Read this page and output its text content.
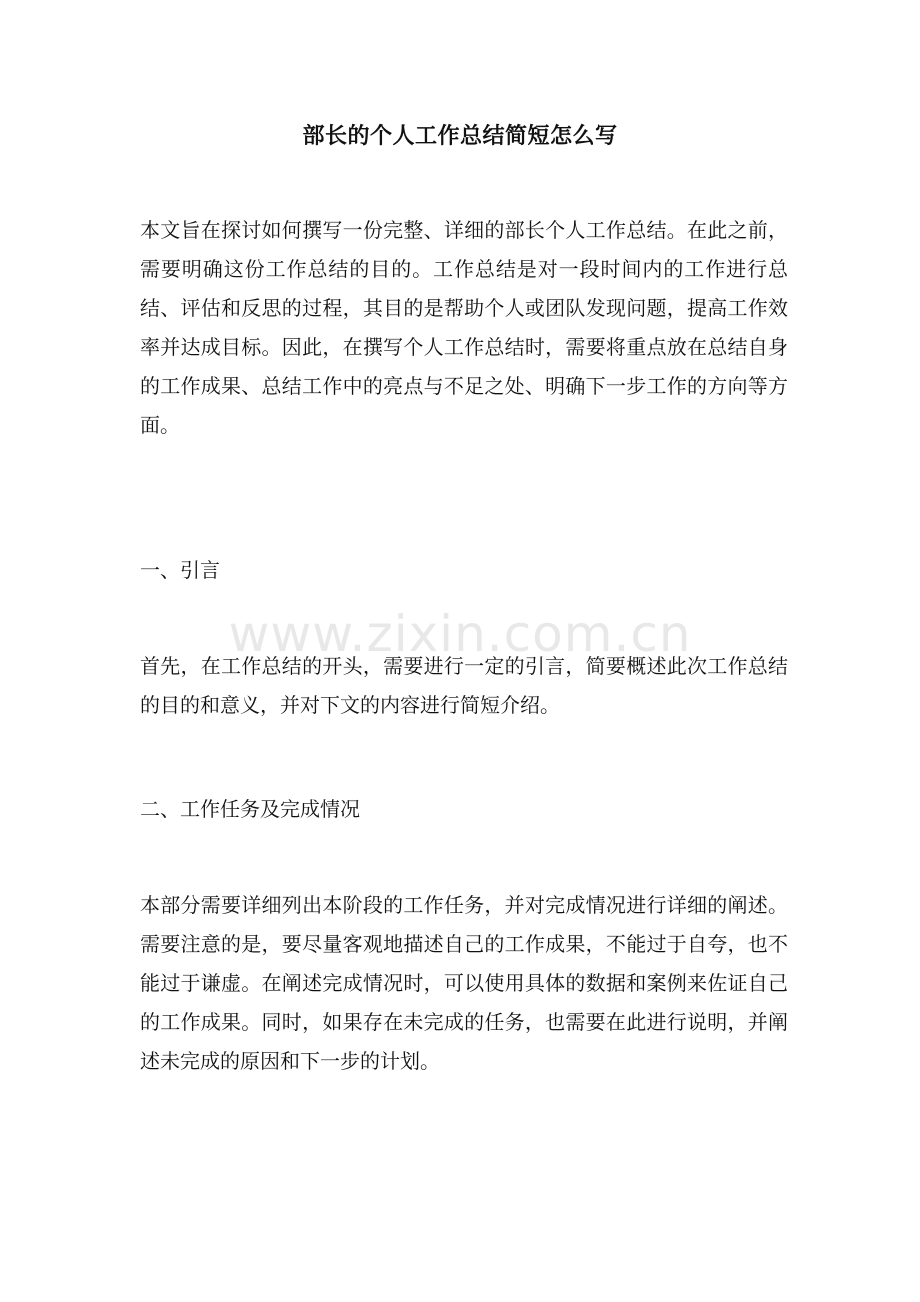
部长的个人工作总结简短怎么写

本文旨在探讨如何撰写一份完整、详细的部长个人工作总结。在此之前，需要明确这份工作总结的目的。工作总结是对一段时间内的工作进行总结、评估和反思的过程，其目的是帮助个人或团队发现问题，提高工作效率并达成目标。因此，在撰写个人工作总结时，需要将重点放在总结自身的工作成果、总结工作中的亮点与不足之处、明确下一步工作的方向等方面。

一、引言

首先，在工作总结的开头，需要进行一定的引言，简要概述此次工作总结的目的和意义，并对下文的内容进行简短介绍。

二、工作任务及完成情况

本部分需要详细列出本阶段的工作任务，并对完成情况进行详细的阐述。需要注意的是，要尽量客观地描述自己的工作成果，不能过于自夸，也不能过于谦虚。在阐述完成情况时，可以使用具体的数据和案例来佐证自己的工作成果。同时，如果存在未完成的任务，也需要在此进行说明，并阐述未完成的原因和下一步的计划。

www.zixin.com.cn
